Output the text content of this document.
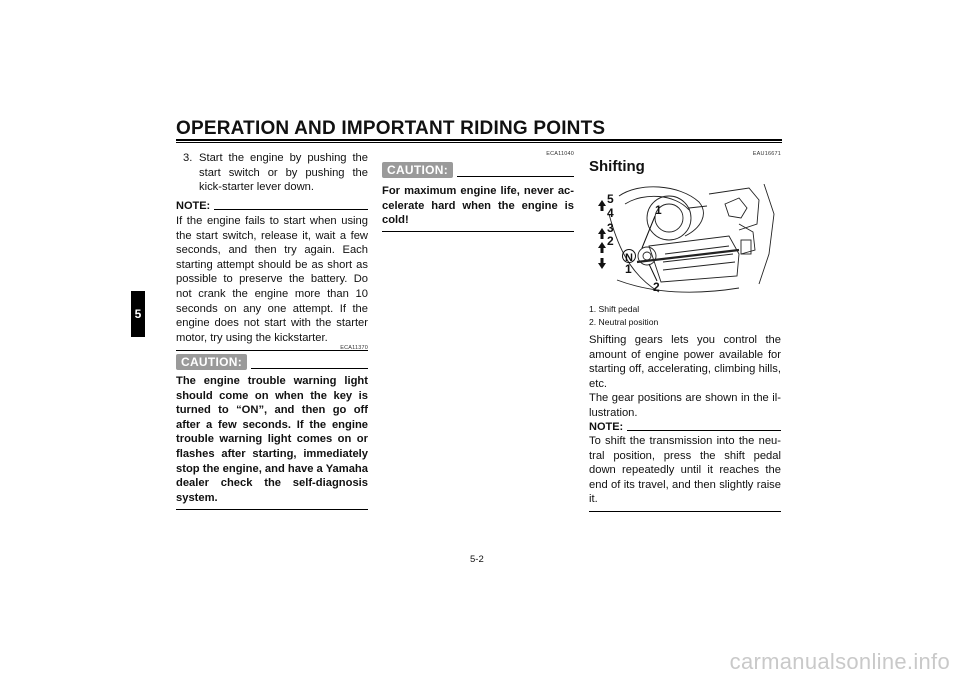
OPERATION AND IMPORTANT RIDING POINTS
5
3. Start the engine by pushing the start switch or by pushing the kick-starter lever down.
NOTE:
If the engine fails to start when using the start switch, release it, wait a few seconds, and then try again. Each starting attempt should be as short as possible to preserve the battery. Do not crank the engine more than 10 seconds on any one attempt. If the engine does not start with the starter motor, try using the kickstarter.
ECA11370
CAUTION:
The engine trouble warning light should come on when the key is turned to “ON”, and then go off after a few seconds. If the engine trouble warning light comes on or flashes after starting, immediately stop the engine, and have a Yamaha dealer check the self-diagnosis system.
ECA11040
CAUTION:
For maximum engine life, never ac-celerate hard when the engine is cold!
EAU16671
Shifting
5
4
3
2
N
1
1
2
1. Shift pedal
2. Neutral position
Shifting gears lets you control the amount of engine power available for starting off, accelerating, climbing hills, etc.
The gear positions are shown in the il-lustration.
NOTE:
To shift the transmission into the neu-tral position, press the shift pedal down repeatedly until it reaches the end of its travel, and then slightly raise it.
5-2
carmanualsonline.info
